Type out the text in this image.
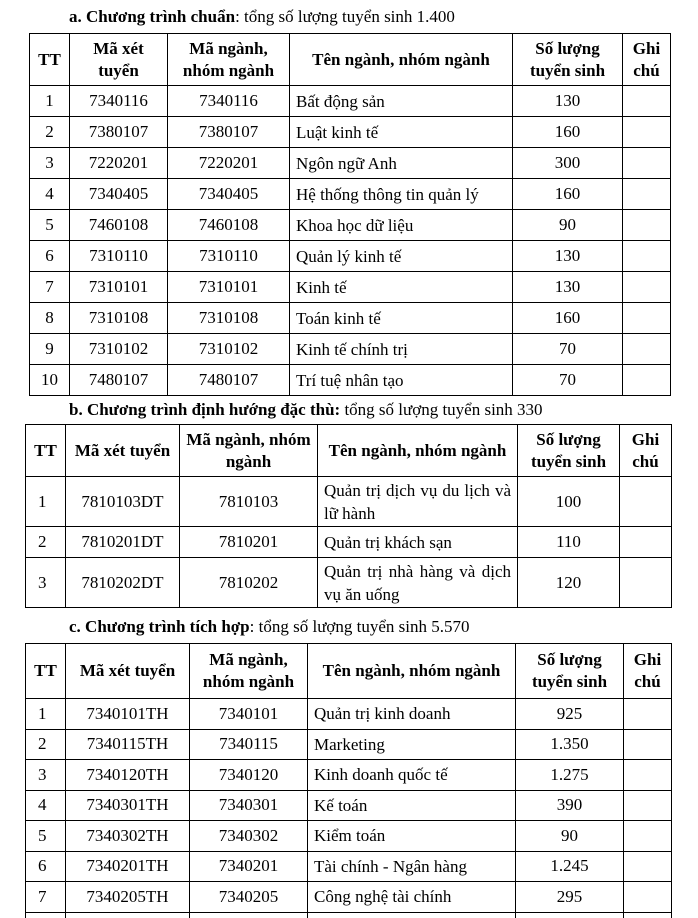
a. Chương trình chuẩn: tổng số lượng tuyển sinh 1.400
TT	Mã xét tuyển	Mã ngành, nhóm ngành	Tên ngành, nhóm ngành	Số lượng tuyển sinh	Ghi chú
1	7340116	7340116	Bất động sản	130	
2	7380107	7380107	Luật kinh tế	160	
3	7220201	7220201	Ngôn ngữ Anh	300	
4	7340405	7340405	Hệ thống thông tin quản lý	160	
5	7460108	7460108	Khoa học dữ liệu	90	
6	7310110	7310110	Quản lý kinh tế	130	
7	7310101	7310101	Kinh tế	130	
8	7310108	7310108	Toán kinh tế	160	
9	7310102	7310102	Kinh tế chính trị	70	
10	7480107	7480107	Trí tuệ nhân tạo	70	
b. Chương trình định hướng đặc thù: tổng số lượng tuyển sinh 330
TT	Mã xét tuyển	Mã ngành, nhóm ngành	Tên ngành, nhóm ngành	Số lượng tuyển sinh	Ghi chú
1	7810103DT	7810103	Quản trị dịch vụ du lịch và lữ hành	100	
2	7810201DT	7810201	Quản trị khách sạn	110	
3	7810202DT	7810202	Quản trị nhà hàng và dịch vụ ăn uống	120	
c. Chương trình tích hợp: tổng số lượng tuyển sinh 5.570
TT	Mã xét tuyển	Mã ngành, nhóm ngành	Tên ngành, nhóm ngành	Số lượng tuyển sinh	Ghi chú
1	7340101TH	7340101	Quản trị kinh doanh	925	
2	7340115TH	7340115	Marketing	1.350	
3	7340120TH	7340120	Kinh doanh quốc tế	1.275	
4	7340301TH	7340301	Kế toán	390	
5	7340302TH	7340302	Kiểm toán	90	
6	7340201TH	7340201	Tài chính - Ngân hàng	1.245	
7	7340205TH	7340205	Công nghệ tài chính	295	
